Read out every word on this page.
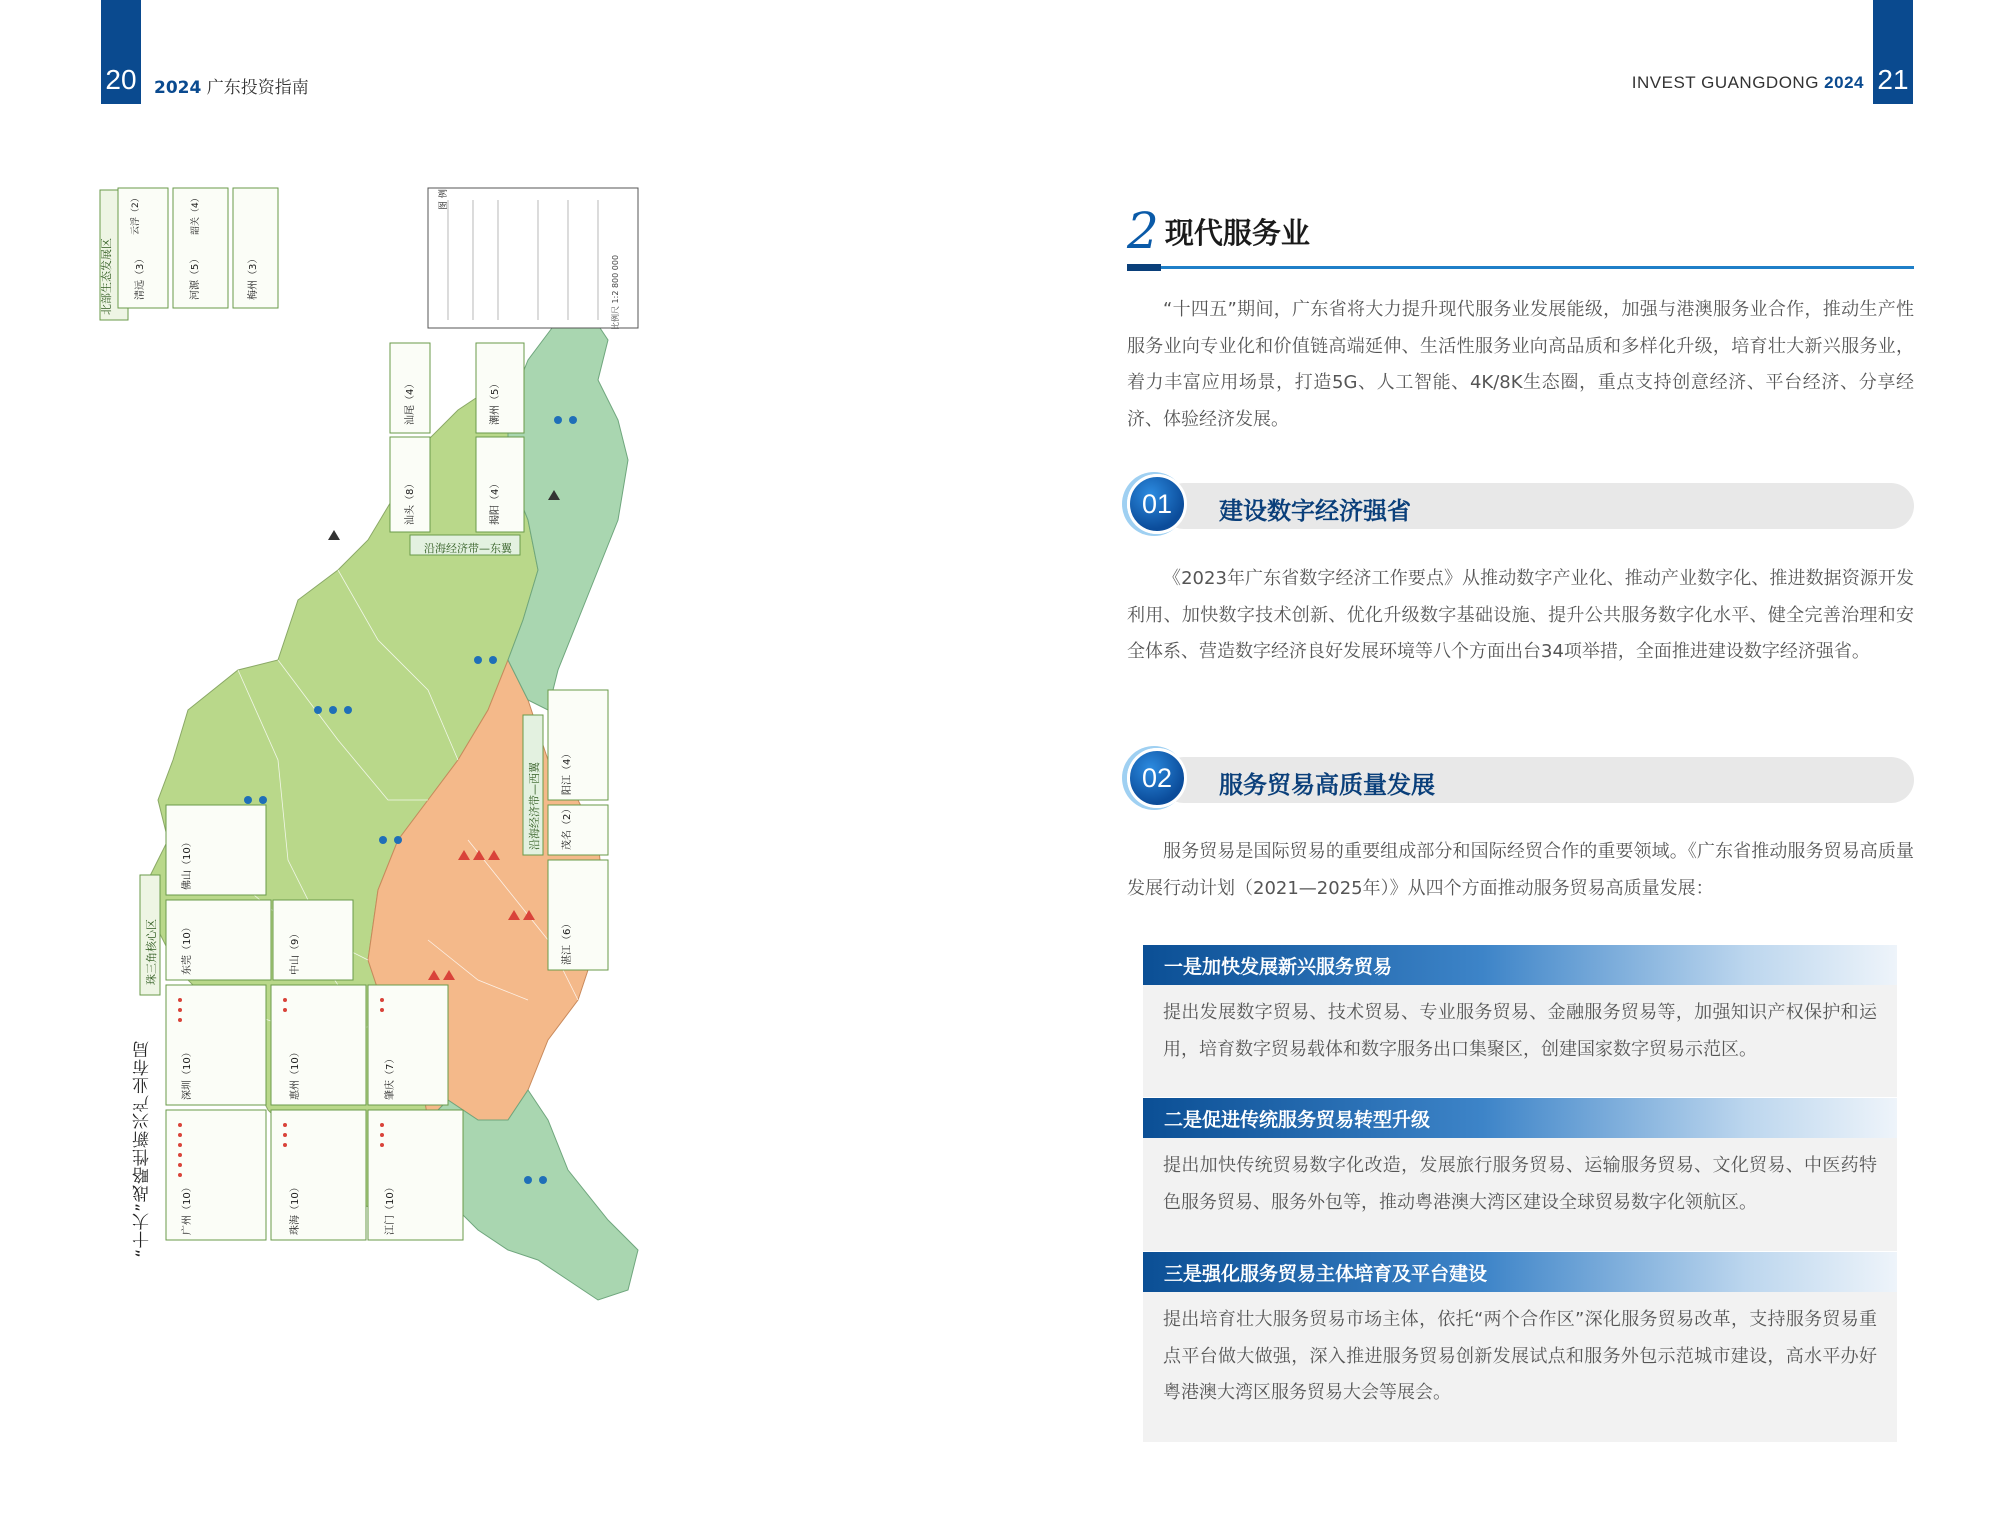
20 2024 广东投资指南	INVEST GUANGDONG 2024 21
北部生态发展区
沿海经济带—东翼
沿海经济带—西翼
珠三角核心区
图 例
比例尺 1:2 800 000
清远（3）	河源（5）	梅州（3）
汕尾（4）	潮州（5）
汕头（8）	揭阳（4）
阳江（4）
茂名（2）
湛江（6）
佛山（10）
东莞（10）	中山（9）
深圳（10）	惠州（10）	肇庆（7）
广州（10）	珠海（10）	江门（10）
云浮（2）	韶关（4）
“十大”战略性新兴产业布局
2 现代服务业

“十四五”期间，广东省将大力提升现代服务业发展能级，加强与港澳服务业合作，推动生产性服务业向专业化和价值链高端延伸、生活性服务业向高品质和多样化升级，培育壮大新兴服务业，着力丰富应用场景，打造5G、人工智能、4K/8K生态圈，重点支持创意经济、平台经济、分享经济、体验经济发展。

01	建设数字经济强省

《2023年广东省数字经济工作要点》从推动数字产业化、推动产业数字化、推进数据资源开发利用、加快数字技术创新、优化升级数字基础设施、提升公共服务数字化水平、健全完善治理和安全体系、营造数字经济良好发展环境等八个方面出台34项举措，全面推进建设数字经济强省。

02	服务贸易高质量发展

服务贸易是国际贸易的重要组成部分和国际经贸合作的重要领域。《广东省推动服务贸易高质量发展行动计划（2021—2025年）》从四个方面推动服务贸易高质量发展：

一是加快发展新兴服务贸易
提出发展数字贸易、技术贸易、专业服务贸易、金融服务贸易等，加强知识产权保护和运用，培育数字贸易载体和数字服务出口集聚区，创建国家数字贸易示范区。
二是促进传统服务贸易转型升级
提出加快传统贸易数字化改造，发展旅行服务贸易、运输服务贸易、文化贸易、中医药特色服务贸易、服务外包等，推动粤港澳大湾区建设全球贸易数字化领航区。
三是强化服务贸易主体培育及平台建设
提出培育壮大服务贸易市场主体，依托“两个合作区”深化服务贸易改革，支持服务贸易重点平台做大做强，深入推进服务贸易创新发展试点和服务外包示范城市建设，高水平办好粤港澳大湾区服务贸易大会等展会。
